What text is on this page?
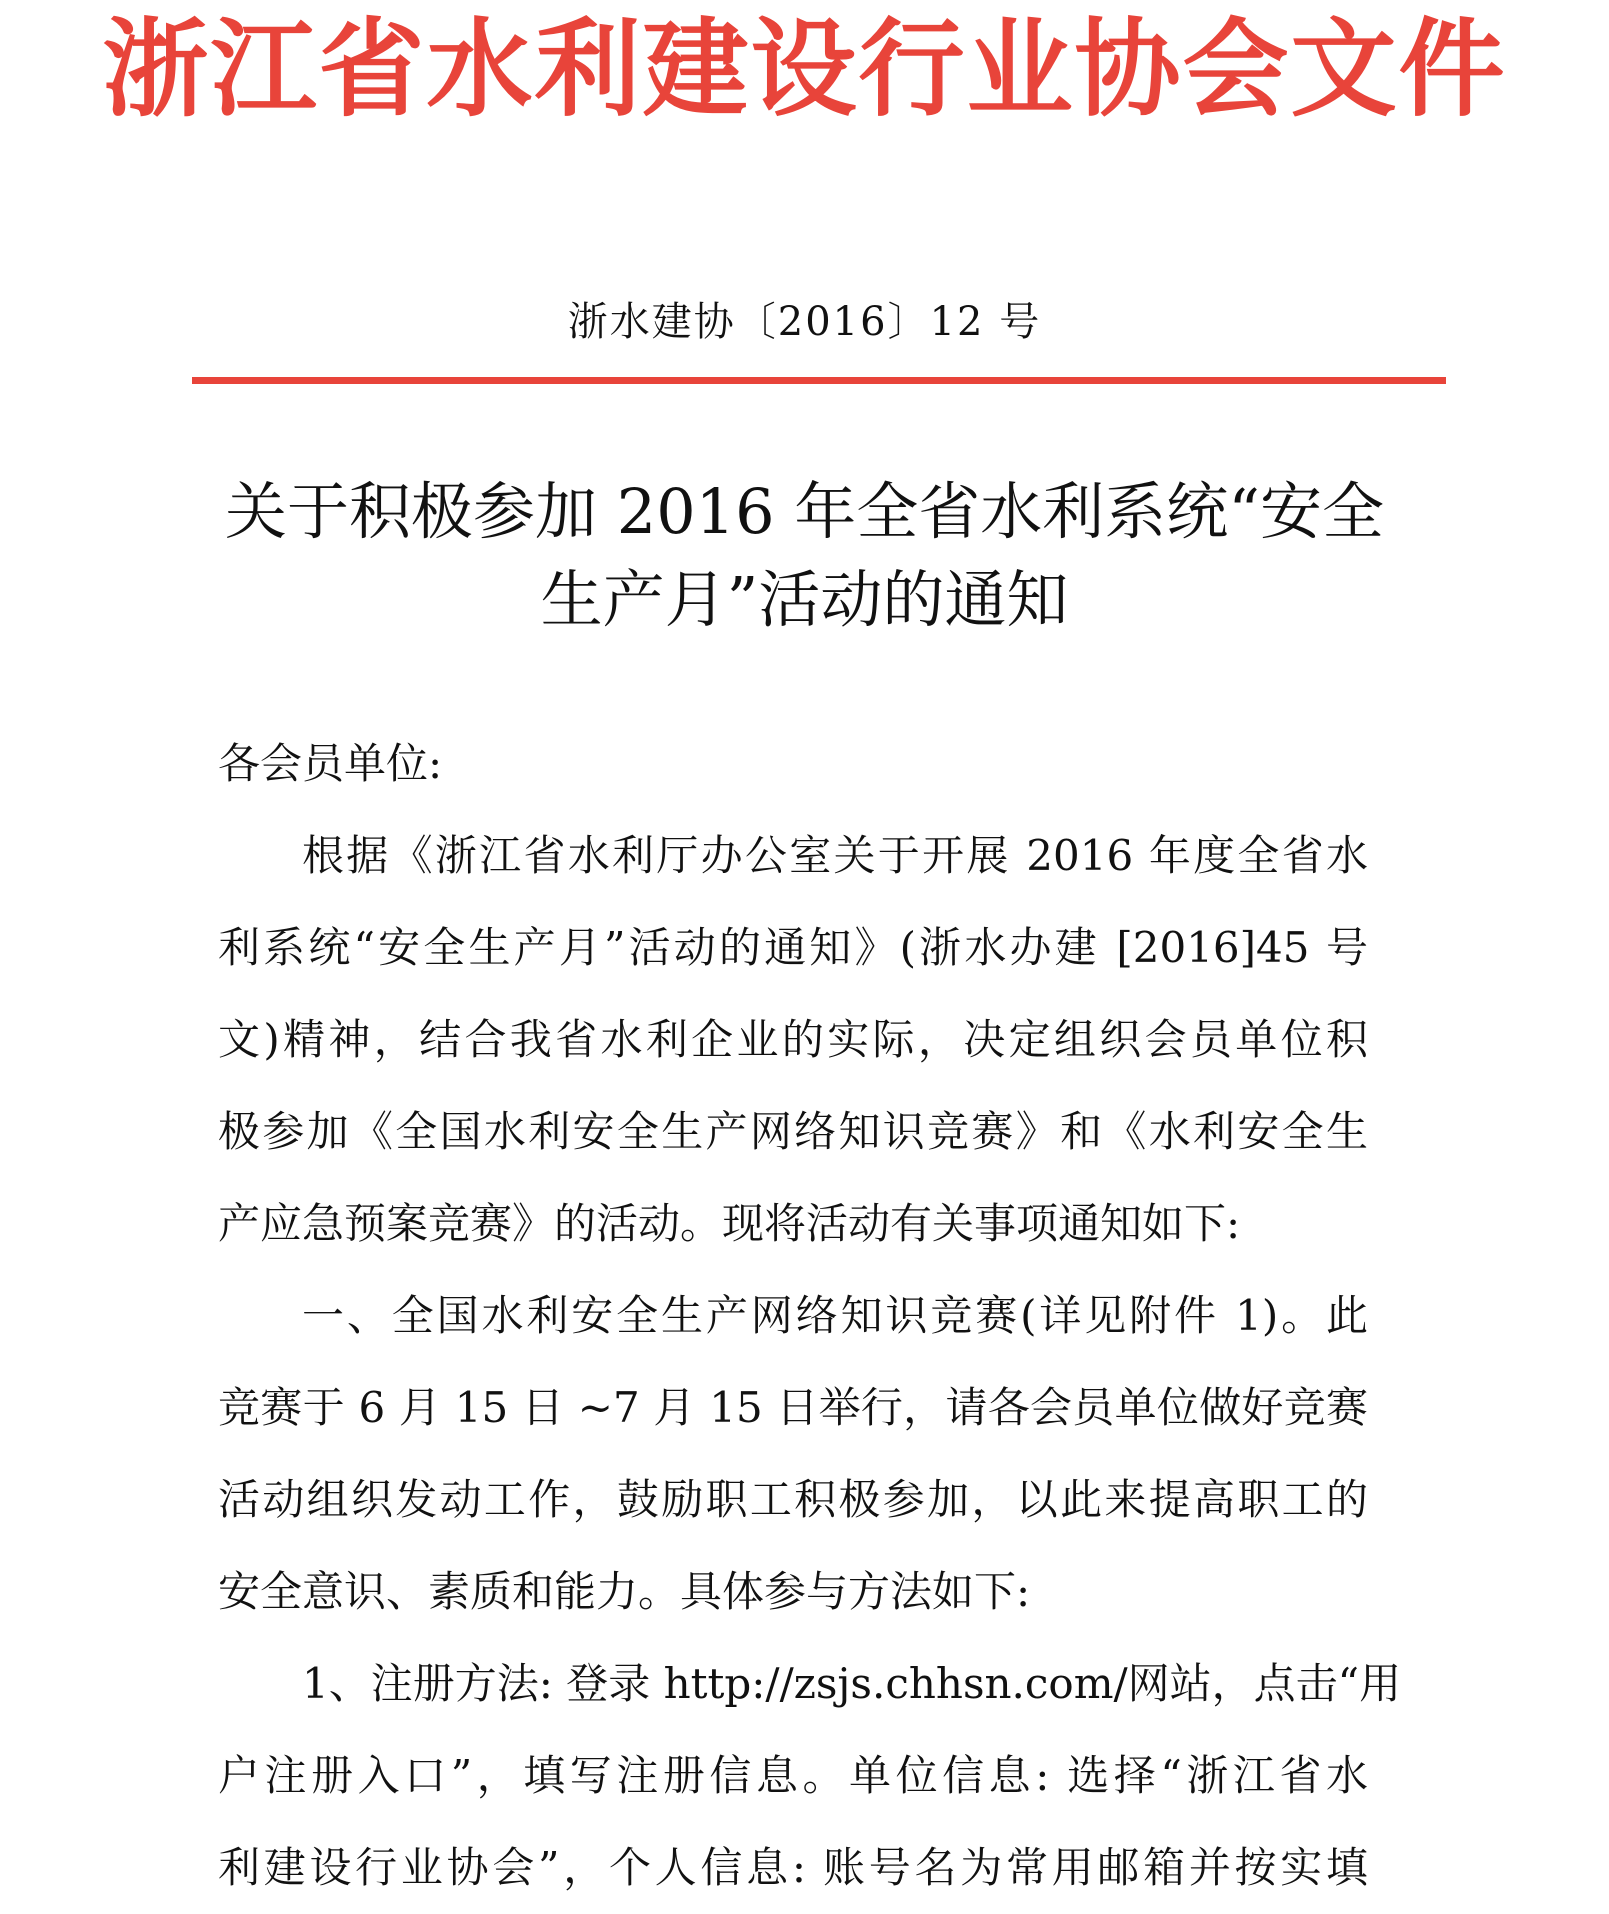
浙江省水利建设行业协会文件
浙水建协〔2016〕12 号
关于积极参加 2016 年全省水利系统“安全
生产月”活动的通知
各会员单位:
根据《浙江省水利厅办公室关于开展 2016 年度全省水
利系统“安全生产月”活动的通知》(浙水办建 [2016]45 号
文)精神，结合我省水利企业的实际，决定组织会员单位积
极参加《全国水利安全生产网络知识竞赛》和《水利安全生
产应急预案竞赛》的活动。现将活动有关事项通知如下:
一、全国水利安全生产网络知识竞赛(详见附件 1)。此
竞赛于 6 月 15 日 ~7 月 15 日举行，请各会员单位做好竞赛
活动组织发动工作，鼓励职工积极参加，以此来提高职工的
安全意识、素质和能力。具体参与方法如下:
1、注册方法: 登录 http://zsjs.chhsn.com/网站，点击“用
户注册入口”，填写注册信息。单位信息: 选择“浙江省水
利建设行业协会”，个人信息: 账号名为常用邮箱并按实填
